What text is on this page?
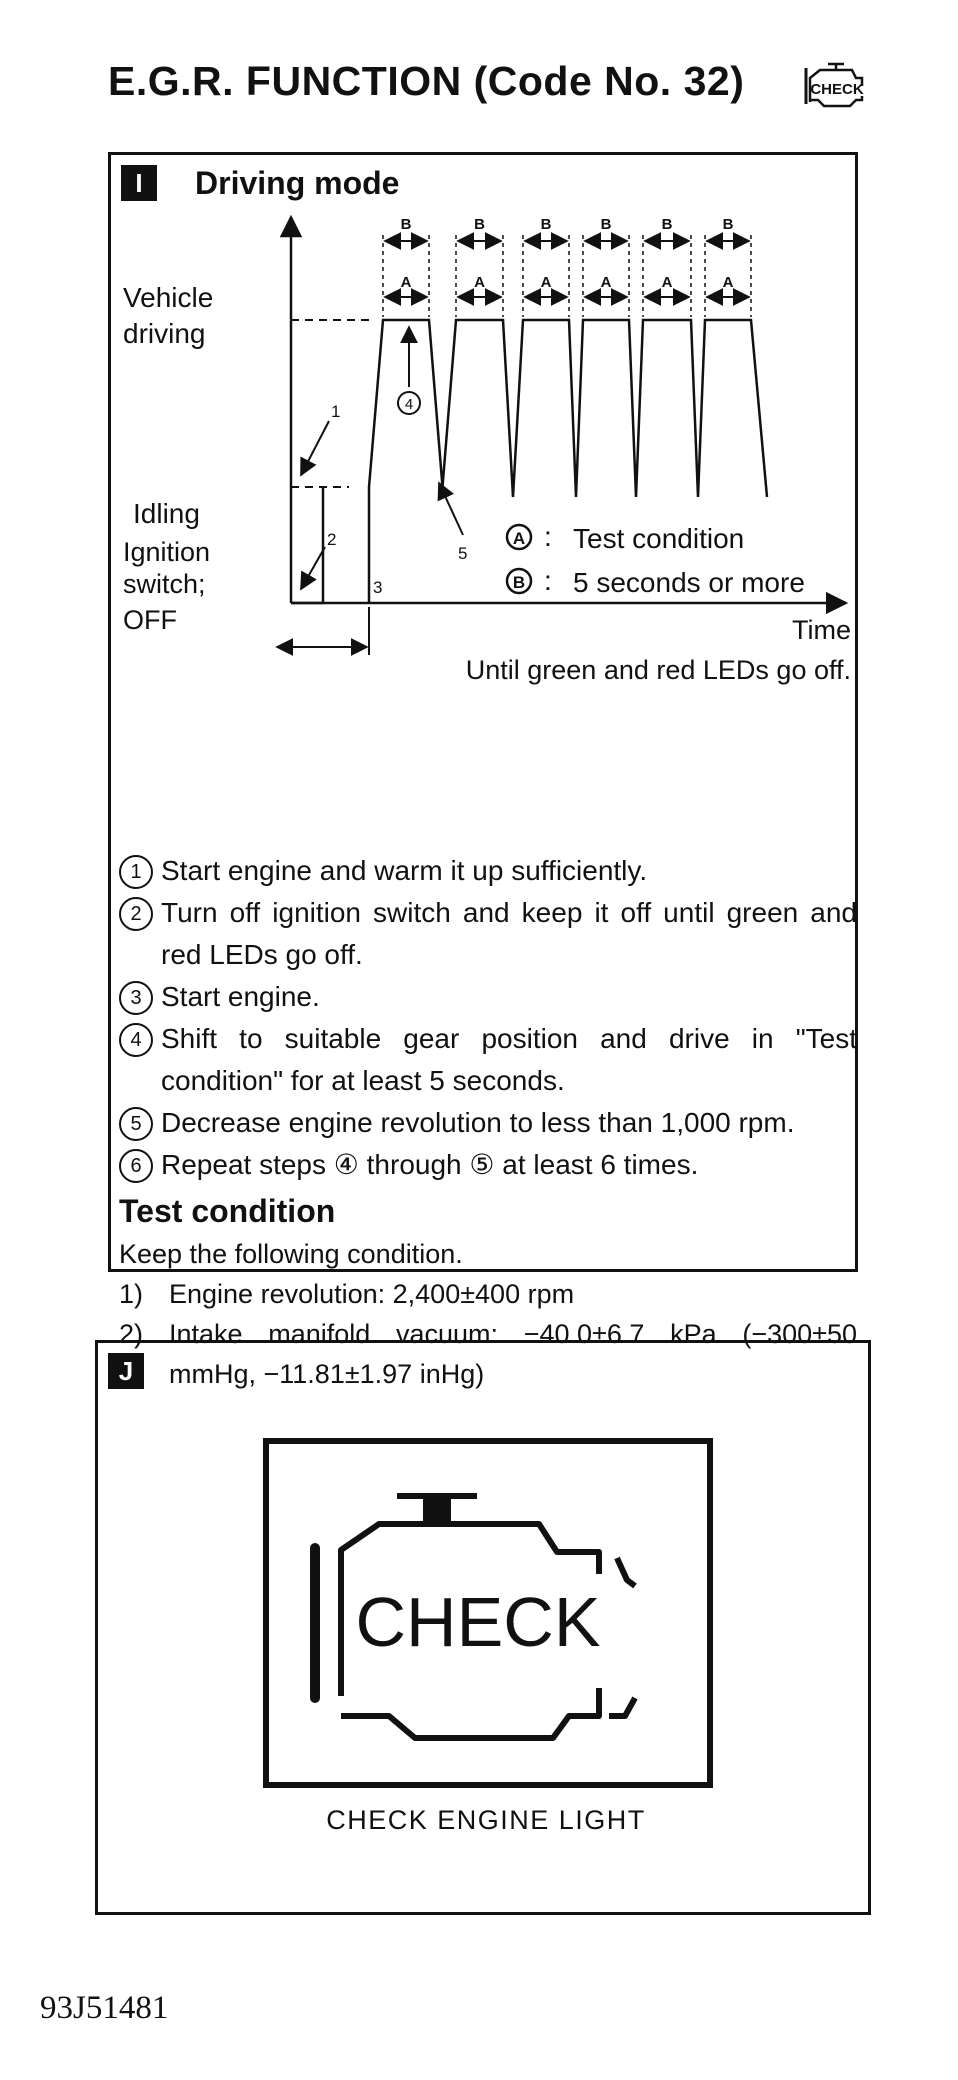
E.G.R. FUNCTION (Code No. 32)	CHECK
I	Driving mode
Vehicle
driving
Idling
Ignition
switch;
OFF	Time
B
A
B
A
B
A
B
A
B
A
B
A
1
2
3
4
5
A : Test condition
B : 5 seconds or more
Until green and red LEDs go off.
1 Start engine and warm it up sufficiently.
2 Turn off ignition switch and keep it off until green and red LEDs go off.
3 Start engine.
4 Shift to suitable gear position and drive in "Test condition" for at least 5 seconds.
5 Decrease engine revolution to less than 1,000 rpm.
6 Repeat steps ④ through ⑤ at least 6 times.
Test condition
Keep the following condition.
1) Engine revolution: 2,400±400 rpm
2) Intake manifold vacuum: −40.0±6.7 kPa (−300±50 mmHg, −11.81±1.97 inHg)
J
CHECK
CHECK ENGINE LIGHT
93J51481
